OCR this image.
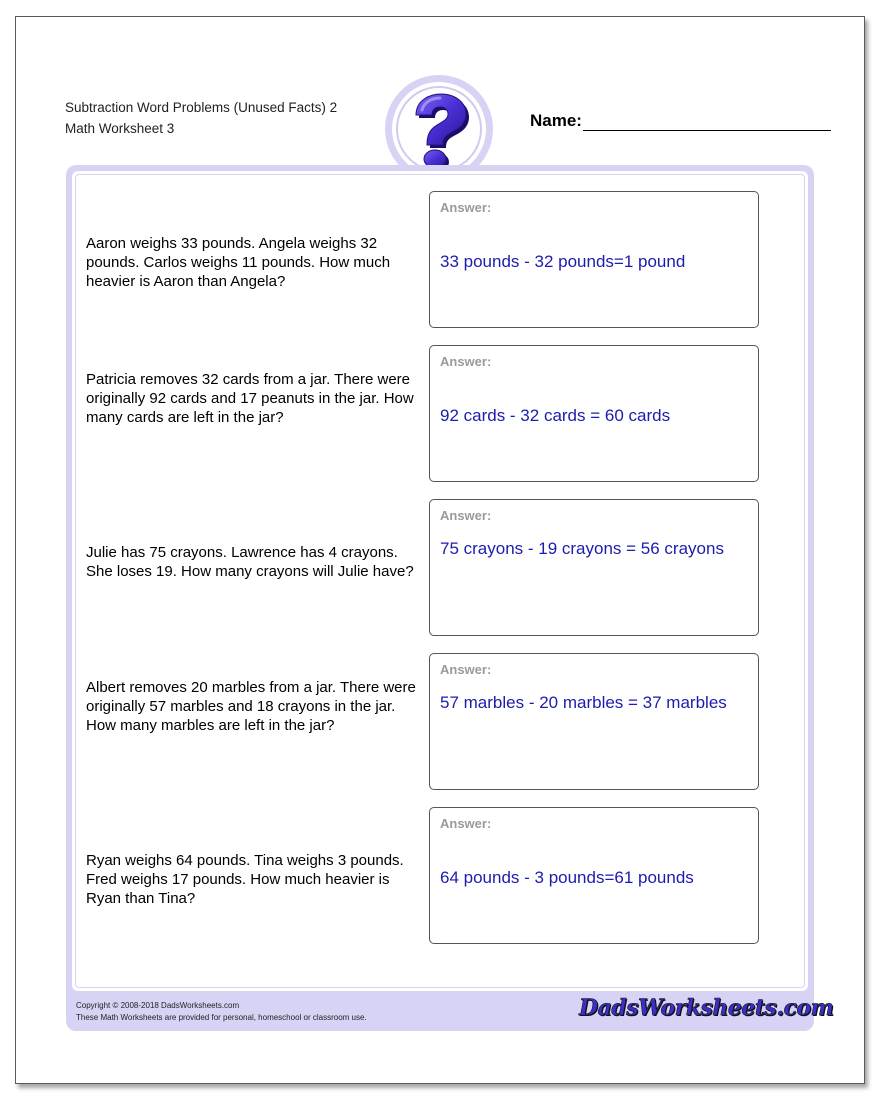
Subtraction Word Problems (Unused Facts) 2
Math Worksheet 3	Name:
Aaron weighs 33 pounds. Angela weighs 32 pounds. Carlos weighs 11 pounds. How much heavier is Aaron than Angela?
Answer:
33 pounds - 32 pounds=1 pound
Patricia removes 32 cards from a jar. There were originally 92 cards and 17 peanuts in the jar. How many cards are left in the jar?
Answer:
92 cards - 32 cards = 60 cards
Julie has 75 crayons. Lawrence has 4 crayons. She loses 19. How many crayons will Julie have?
Answer:
75 crayons - 19 crayons = 56 crayons
Albert removes 20 marbles from a jar. There were originally 57 marbles and 18 crayons in the jar. How many marbles are left in the jar?
Answer:
57 marbles - 20 marbles = 37 marbles
Ryan weighs 64 pounds. Tina weighs 3 pounds. Fred weighs 17 pounds. How much heavier is Ryan than Tina?
Answer:
64 pounds - 3 pounds=61 pounds
Copyright © 2008-2018 DadsWorksheets.com
These Math Worksheets are provided for personal, homeschool or classroom use.	DadsWorksheets.com
